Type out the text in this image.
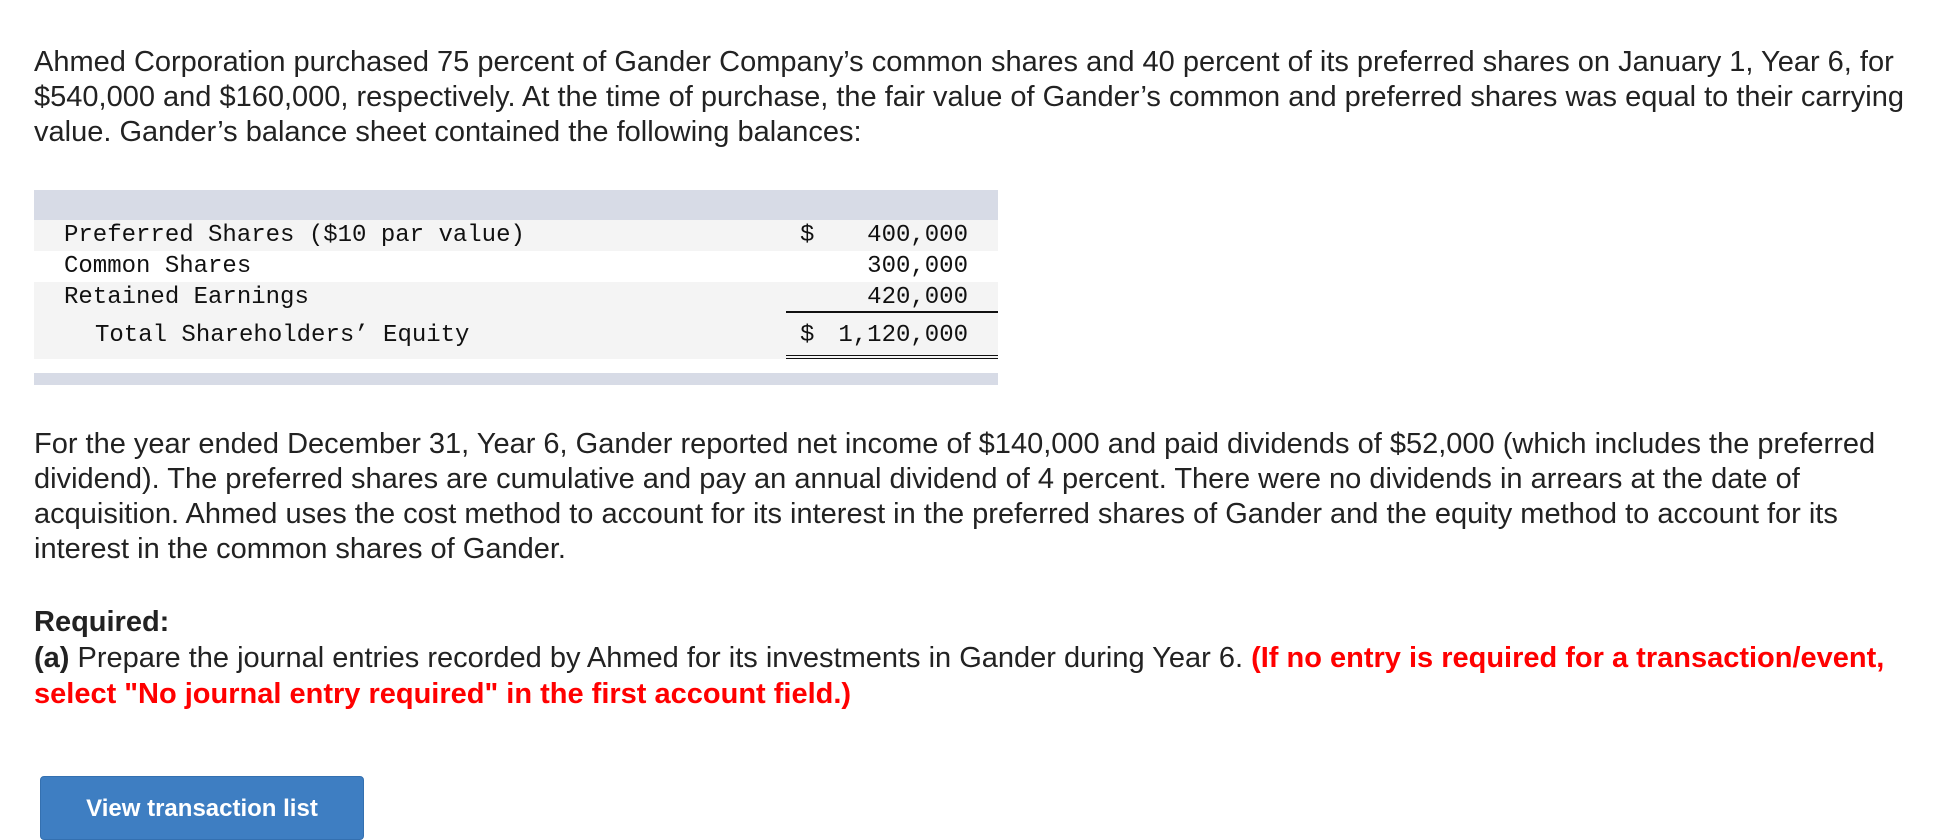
Ahmed Corporation purchased 75 percent of Gander Company’s common shares and 40 percent of its preferred shares on January 1, Year 6, for $540,000 and $160,000, respectively. At the time of purchase, the fair value of Gander’s common and preferred shares was equal to their carrying value. Gander’s balance sheet contained the following balances:

Preferred Shares ($10 par value)	$ 400,000
Common Shares	300,000
Retained Earnings	420,000
Total Shareholders’ Equity	$ 1,120,000

For the year ended December 31, Year 6, Gander reported net income of $140,000 and paid dividends of $52,000 (which includes the preferred dividend). The preferred shares are cumulative and pay an annual dividend of 4 percent. There were no dividends in arrears at the date of acquisition. Ahmed uses the cost method to account for its interest in the preferred shares of Gander and the equity method to account for its interest in the common shares of Gander.

Required:
(a) Prepare the journal entries recorded by Ahmed for its investments in Gander during Year 6. (If no entry is required for a transaction/event, select "No journal entry required" in the first account field.)
View transaction list
